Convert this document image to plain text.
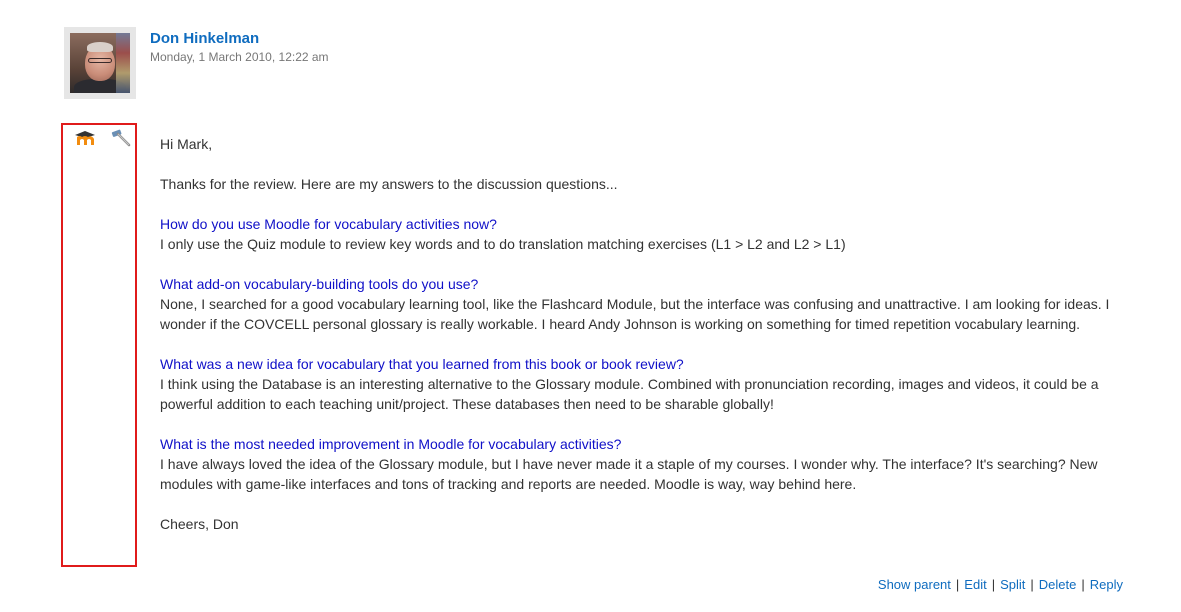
Don Hinkelman
Monday, 1 March 2010, 12:22 am

Hi Mark,

Thanks for the review. Here are my answers to the discussion questions...

How do you use Moodle for vocabulary activities now?
I only use the Quiz module to review key words and to do translation matching exercises (L1 > L2 and L2 > L1)

What add-on vocabulary-building tools do you use?
None, I searched for a good vocabulary learning tool, like the Flashcard Module, but the interface was confusing and unattractive. I am looking for ideas. I wonder if the COVCELL personal glossary is really workable. I heard Andy Johnson is working on something for timed repetition vocabulary learning.

What was a new idea for vocabulary that you learned from this book or book review?
I think using the Database is an interesting alternative to the Glossary module. Combined with pronunciation recording, images and videos, it could be a powerful addition to each teaching unit/project. These databases then need to be sharable globally!

What is the most needed improvement in Moodle for vocabulary activities?
I have always loved the idea of the Glossary module, but I have never made it a staple of my courses. I wonder why. The interface? It's searching? New modules with game-like interfaces and tons of tracking and reports are needed. Moodle is way, way behind here.

Cheers, Don

Show parent | Edit | Split | Delete | Reply
